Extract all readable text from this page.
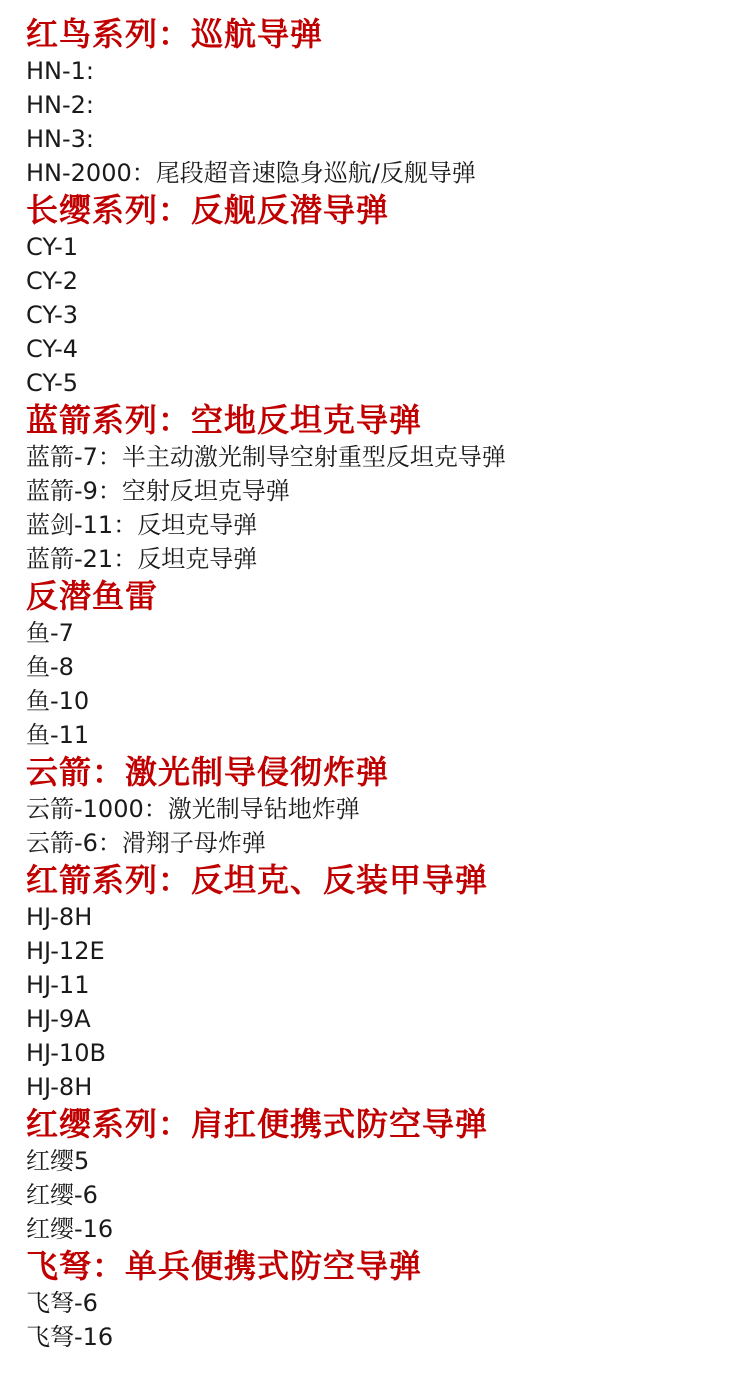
红鸟系列：巡航导弹
HN-1:
HN-2:
HN-3:
HN-2000：尾段超音速隐身巡航/反舰导弹
长缨系列：反舰反潜导弹
CY-1
CY-2
CY-3
CY-4
CY-5
蓝箭系列：空地反坦克导弹
蓝箭-7：半主动激光制导空射重型反坦克导弹
蓝箭-9：空射反坦克导弹
蓝剑-11：反坦克导弹
蓝箭-21：反坦克导弹
反潜鱼雷
鱼-7
鱼-8
鱼-10
鱼-11
云箭：激光制导侵彻炸弹
云箭-1000：激光制导钻地炸弹
云箭-6：滑翔子母炸弹
红箭系列：反坦克、反装甲导弹
HJ-8H
HJ-12E
HJ-11
HJ-9A
HJ-10B
HJ-8H
红缨系列：肩扛便携式防空导弹
红缨5
红缨-6
红缨-16
飞弩：单兵便携式防空导弹
飞弩-6
飞弩-16
